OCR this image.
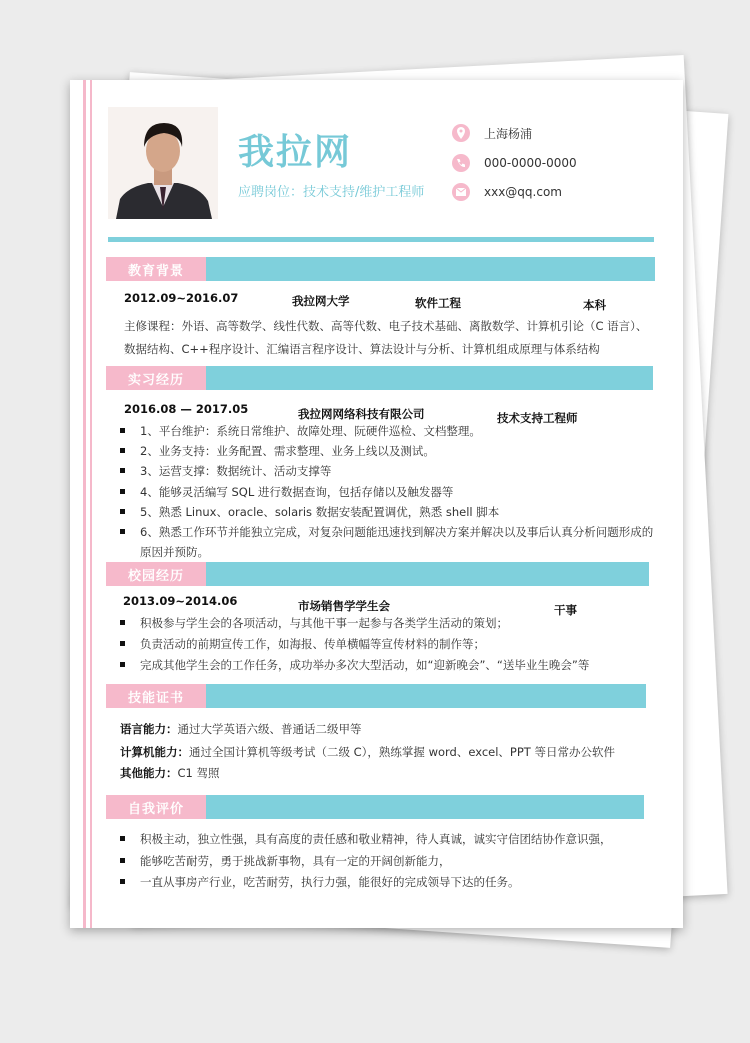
我拉网
应聘岗位：技术支持/维护工程师
上海杨浦
000-0000-0000
xxx@qq.com
教育背景
2012.09~2016.07	我拉网大学	软件工程	本科
主修课程：外语、高等数学、线性代数、高等代数、电子技术基础、离散数学、计算机引论（C 语言）、
数据结构、C++程序设计、汇编语言程序设计、算法设计与分析、计算机组成原理与体系结构
实习经历
2016.08 — 2017.05	我拉网网络科技有限公司	技术支持工程师
1、平台维护：系统日常维护、故障处理、阮硬件巡检、文档整理。
2、业务支持：业务配置、需求整理、业务上线以及测试。
3、运营支撑：数据统计、活动支撑等
4、能够灵活编写 SQL 进行数据查询，包括存储以及触发器等
5、熟悉 Linux、oracle、solaris 数据安装配置调优，熟悉 shell 脚本
6、熟悉工作环节并能独立完成，对复杂问题能迅速找到解决方案并解决以及事后认真分析问题形成的
原因并预防。
校园经历
2013.09~2014.06	市场销售学学生会	干事
积极参与学生会的各项活动，与其他干事一起参与各类学生活动的策划；
负责活动的前期宣传工作，如海报、传单横幅等宣传材料的制作等；
完成其他学生会的工作任务，成功举办多次大型活动，如“迎新晚会”、“送毕业生晚会”等
技能证书
语言能力：通过大学英语六级、普通话二级甲等
计算机能力：通过全国计算机等级考试（二级 C），熟练掌握 word、excel、PPT 等日常办公软件
其他能力：C1 驾照
自我评价
积极主动，独立性强，具有高度的责任感和敬业精神，待人真诚，诚实守信团结协作意识强，
能够吃苦耐劳，勇于挑战新事物，具有一定的开阔创新能力，
一直从事房产行业，吃苦耐劳，执行力强，能很好的完成领导下达的任务。
